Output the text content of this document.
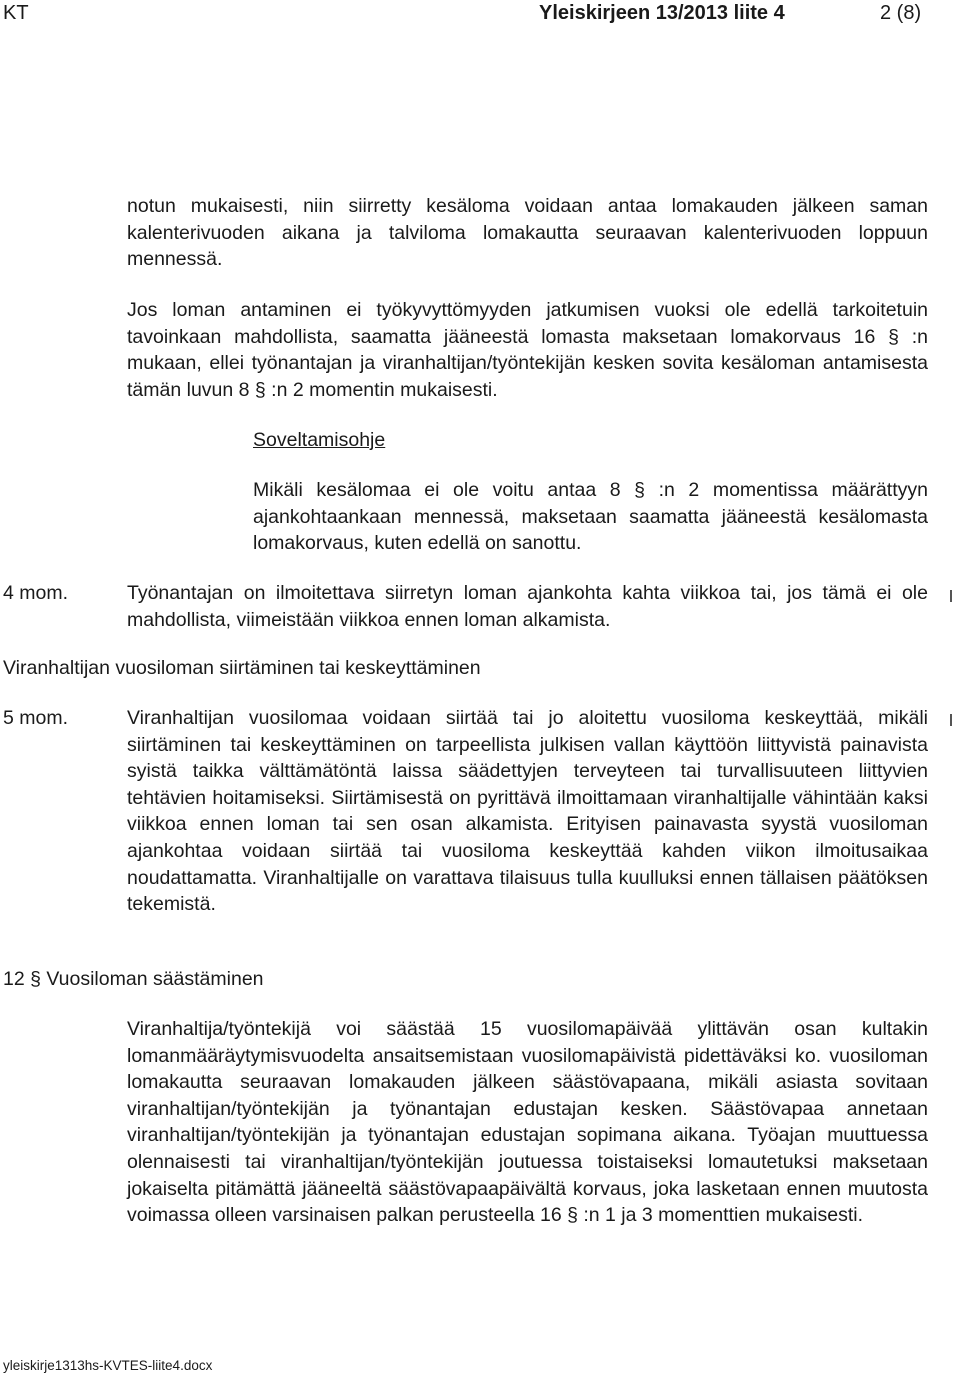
KT	Yleiskirjeen 13/2013 liite 4	2 (8)

notun mukaisesti, niin siirretty kesäloma voidaan antaa lomakauden jälkeen saman kalenterivuoden aikana ja talviloma lomakautta seuraavan kalenterivuoden loppuun mennessä.

Jos loman antaminen ei työkyvyttömyyden jatkumisen vuoksi ole edellä tarkoitetuin tavoinkaan mahdollista, saamatta jääneestä lomasta maksetaan lomakorvaus 16 § :n mukaan, ellei työnantajan ja viranhaltijan/työntekijän kesken sovita kesäloman antamisesta tämän luvun 8 § :n 2 momentin mukaisesti.

Soveltamisohje

Mikäli kesälomaa ei ole voitu antaa 8 § :n 2 momentissa määrättyyn ajankohtaankaan mennessä, maksetaan saamatta jääneestä kesälomasta lomakorvaus, kuten edellä on sanottu.

4 mom.	Työnantajan on ilmoitettava siirretyn loman ajankohta kahta viikkoa tai, jos tämä ei ole mahdollista, viimeistään viikkoa ennen loman alkamista.

Viranhaltijan vuosiloman siirtäminen tai keskeyttäminen
5 mom.	Viranhaltijan vuosilomaa voidaan siirtää tai jo aloitettu vuosiloma keskeyttää, mikäli siirtäminen tai keskeyttäminen on tarpeellista julkisen vallan käyttöön liittyvistä painavista syistä taikka välttämätöntä laissa säädettyjen terveyteen tai turvallisuuteen liittyvien tehtävien hoitamiseksi. Siirtämisestä on pyrittävä ilmoittamaan viranhaltijalle vähintään kaksi viikkoa ennen loman tai sen osan alkamista. Erityisen painavasta syystä vuosiloman ajankohtaa voidaan siirtää tai vuosiloma keskeyttää kahden viikon ilmoitusaikaa noudattamatta. Viranhaltijalle on varattava tilaisuus tulla kuulluksi ennen tällaisen päätöksen tekemistä.

12 § Vuosiloman säästäminen

Viranhaltija/työntekijä voi säästää 15 vuosilomapäivää ylittävän osan kultakin lomanmääräytymisvuodelta ansaitsemistaan vuosilomapäivistä pidettäväksi ko. vuosiloman lomakautta seuraavan lomakauden jälkeen säästövapaana, mikäli asiasta sovitaan viranhaltijan/työntekijän ja työnantajan edustajan kesken. Säästövapaa annetaan viranhaltijan/työntekijän ja työnantajan edustajan sopimana aikana. Työajan muuttuessa olennaisesti tai viranhaltijan/työntekijän joutuessa toistaiseksi lomautetuksi maksetaan jokaiselta pitämättä jääneeltä säästövapaapäivältä korvaus, joka lasketaan ennen muutosta voimassa olleen varsinaisen palkan perusteella 16 § :n 1 ja 3 momenttien mukaisesti.

yleiskirje1313hs-KVTES-liite4.docx
